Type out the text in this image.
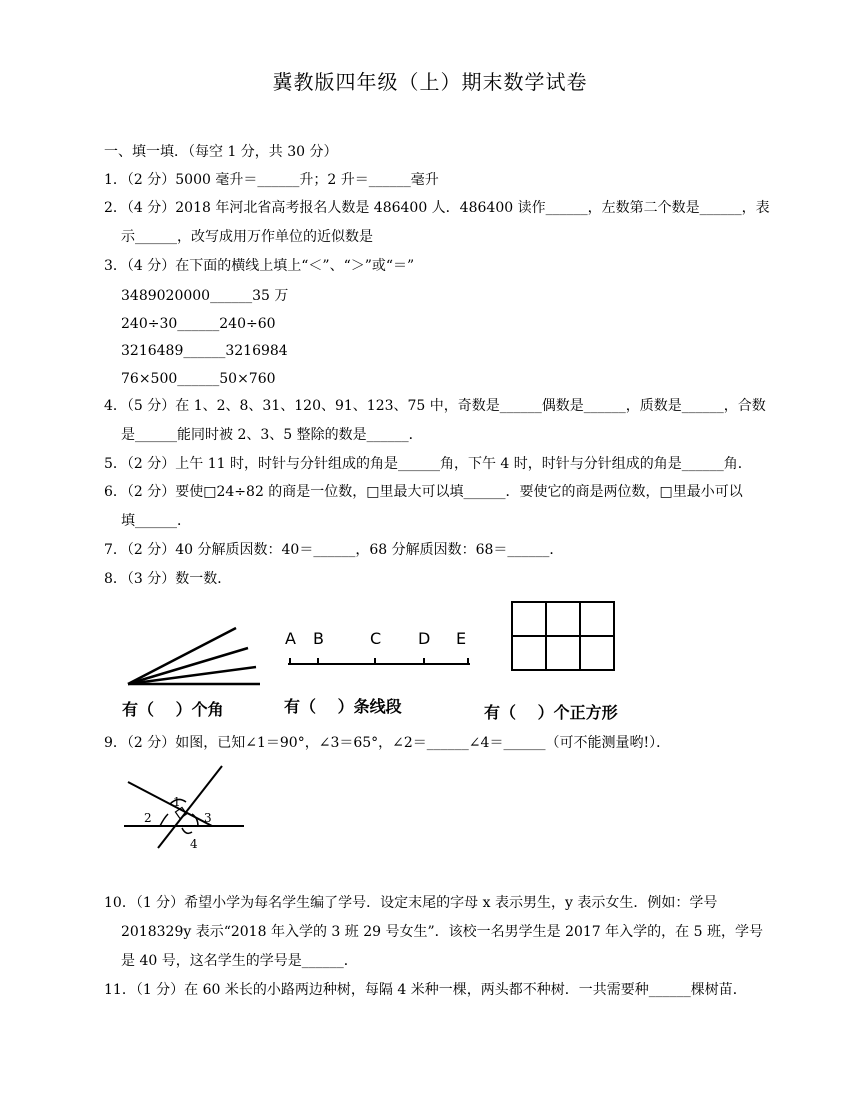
冀教版四年级（上）期末数学试卷
一、填一填．（每空 1 分，共 30 分）
1．（2 分）5000 毫升＝______升；2 升＝______毫升
2．（4 分）2018 年河北省高考报名人数是 486400 人．486400 读作______，左数第二个数是______，表
示______，改写成用万作单位的近似数是
3．（4 分）在下面的横线上填上“＜”、“＞”或“＝”
3489020000______35 万
240÷30______240÷60
3216489______3216984
76×500______50×760
4．（5 分）在 1、2、8、31、120、91、123、75 中，奇数是______偶数是______，质数是______，合数
是______能同时被 2、3、5 整除的数是______．
5．（2 分）上午 11 时，时针与分针组成的角是______角，下午 4 时，时针与分针组成的角是______角．
6．（2 分）要使□24÷82 的商是一位数，□里最大可以填______．要使它的商是两位数，□里最小可以
填______．
7．（2 分）40 分解质因数：40＝______，68 分解质因数：68＝______．
8．（3 分）数一数．
有（　 ）个角
A B	C D E
有（　 ）条线段	有（　 ）个正方形
9．（2 分）如图，已知∠1＝90°，∠3＝65°，∠2＝______∠4＝______（可不能测量哟!）．
1
2	3
4
10．（1 分）希望小学为每名学生编了学号．设定末尾的字母 x 表示男生，y 表示女生．例如：学号
2018329y 表示“2018 年入学的 3 班 29 号女生”．该校一名男学生是 2017 年入学的，在 5 班，学号
是 40 号，这名学生的学号是______．
11．（1 分）在 60 米长的小路两边种树，每隔 4 米种一棵，两头都不种树．一共需要种______棵树苗．
